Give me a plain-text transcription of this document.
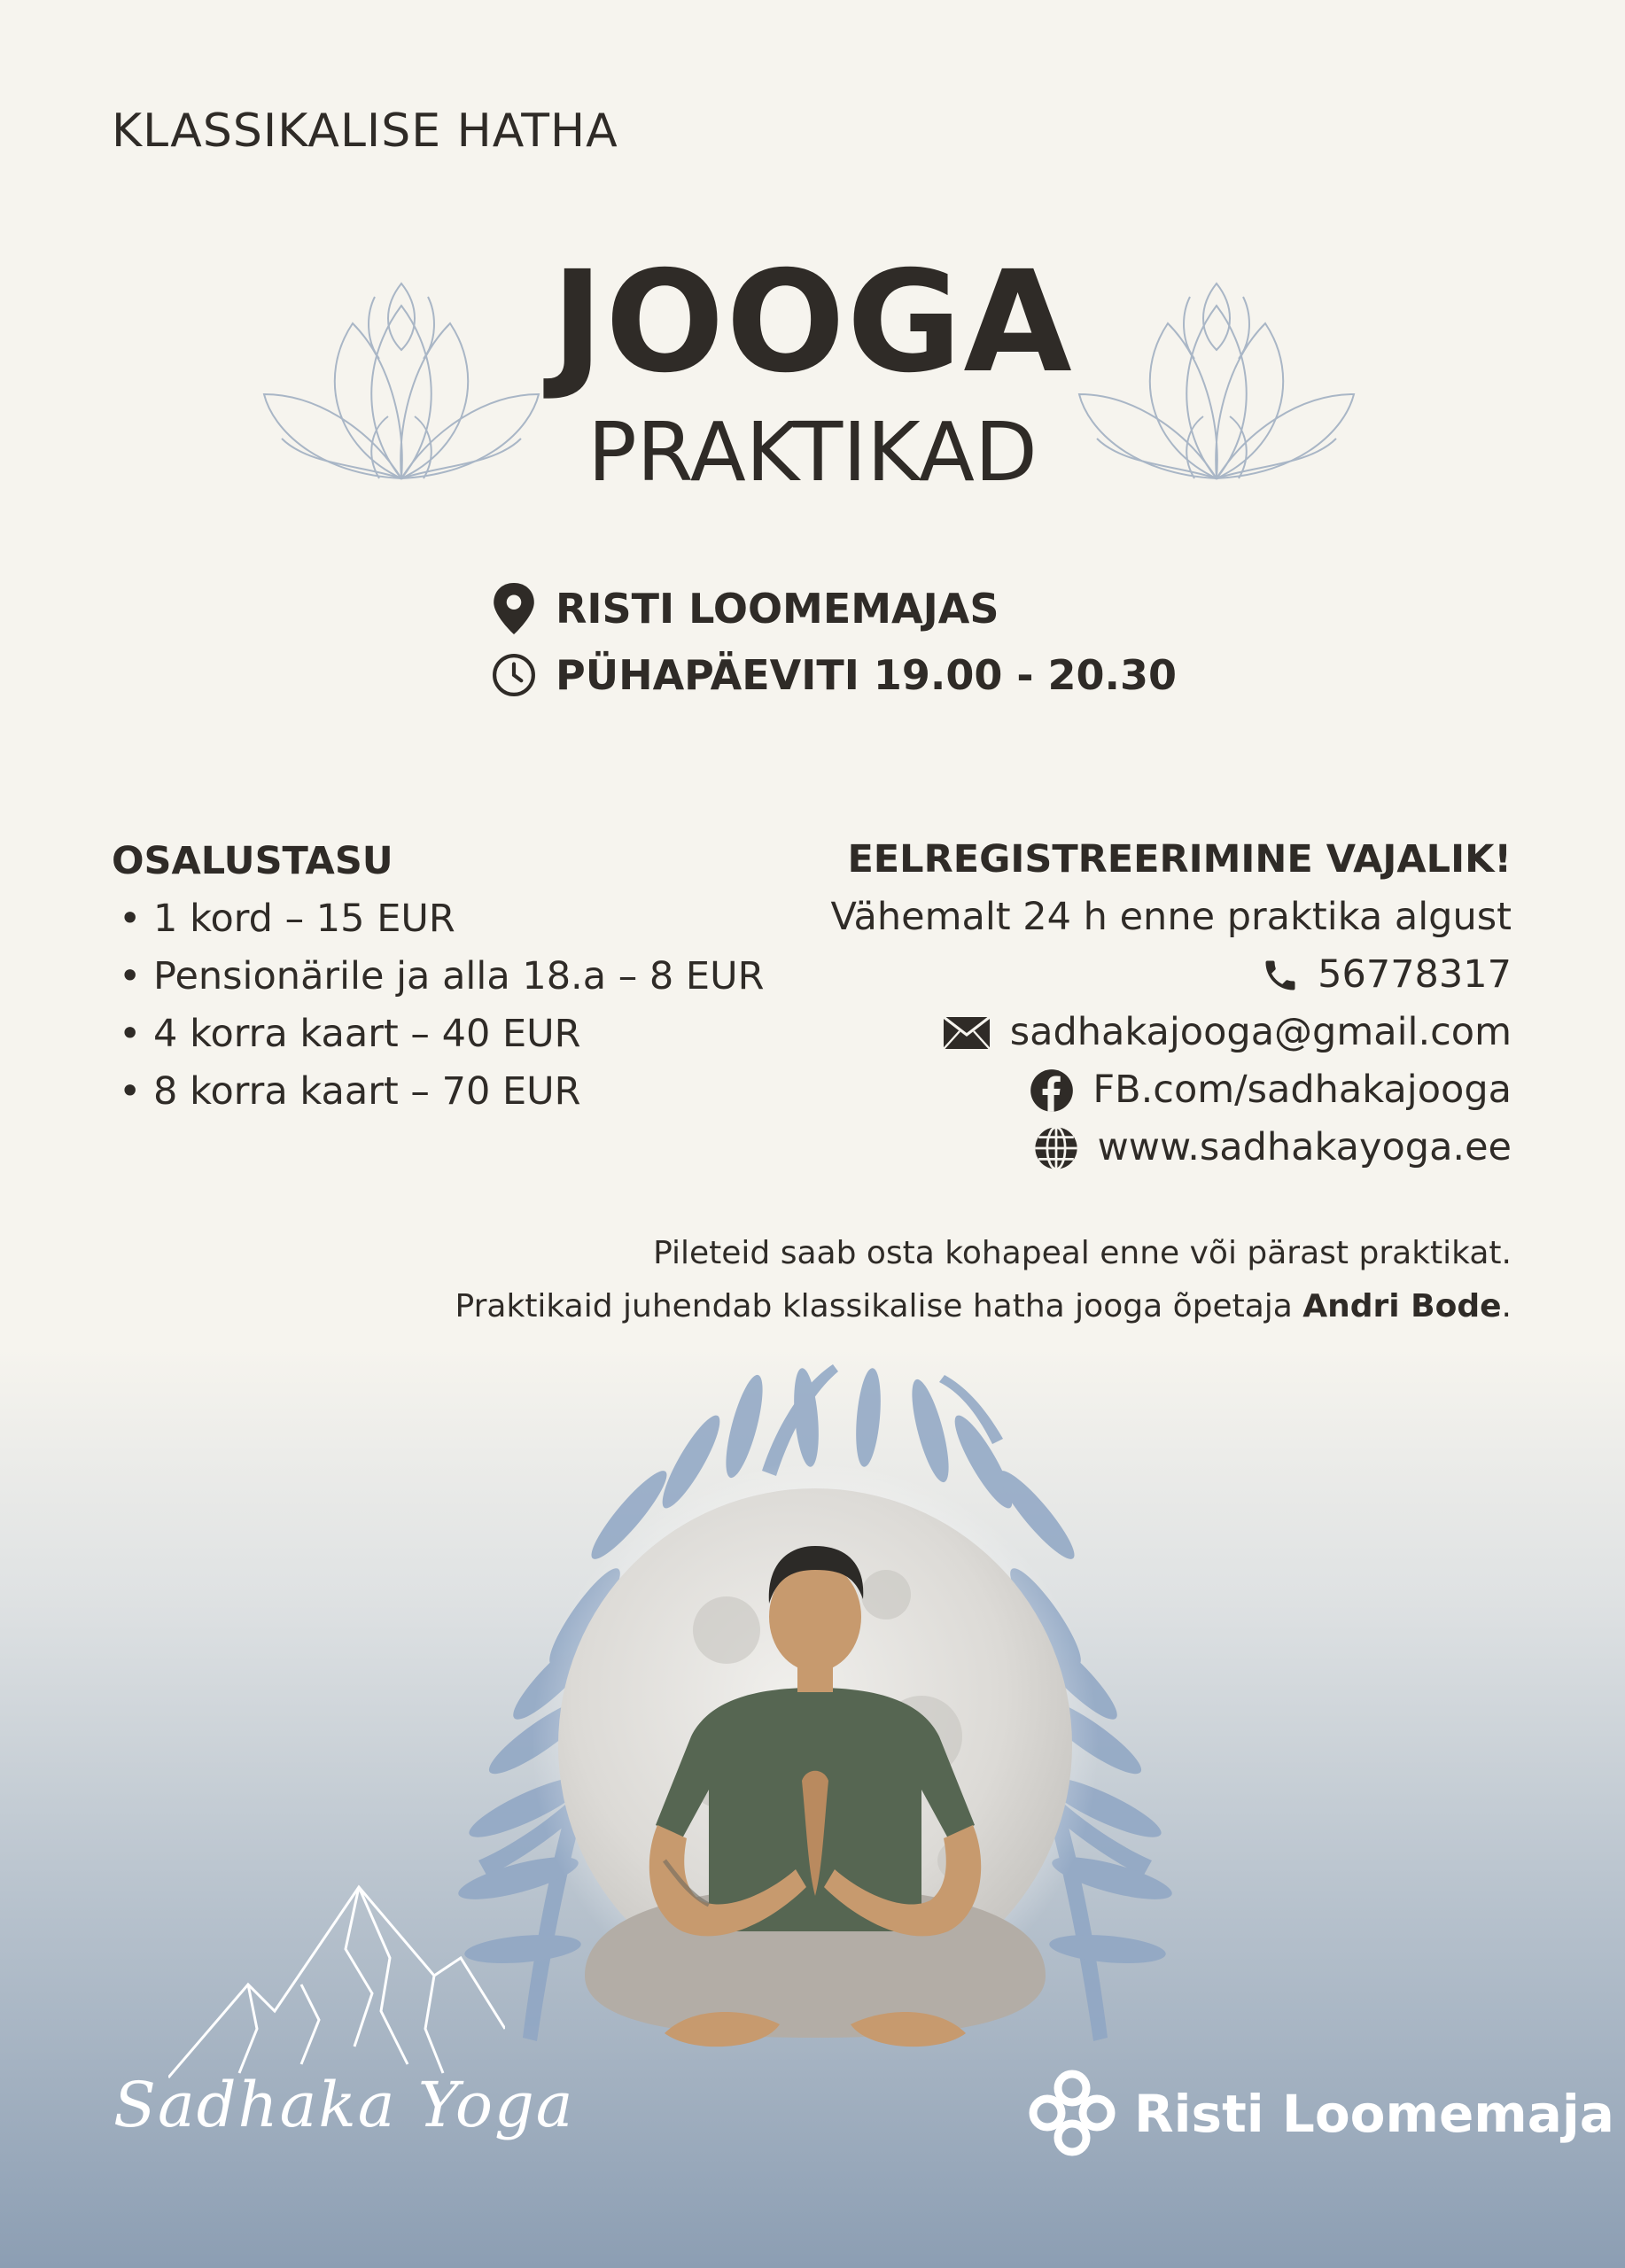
KLASSIKALISE HATHA
JOOGA
PRAKTIKAD
RISTI LOOMEMAJAS
PÜHAPÄEVITI 19.00 - 20.30
OSALUSTASU
• 1 kord – 15 EUR
• Pensionärile ja alla 18.a – 8 EUR
• 4 korra kaart – 40 EUR
• 8 korra kaart – 70 EUR
EELREGISTREERIMINE VAJALIK!
Vähemalt 24 h enne praktika algust
56778317
sadhakajooga@gmail.com
FB.com/sadhakajooga
www.sadhakayoga.ee
Pileteid saab osta kohapeal enne või pärast praktikat.
Praktikaid juhendab klassikalise hatha jooga õpetaja Andri Bode.
Sadhaka Yoga	Risti Loomemaja
